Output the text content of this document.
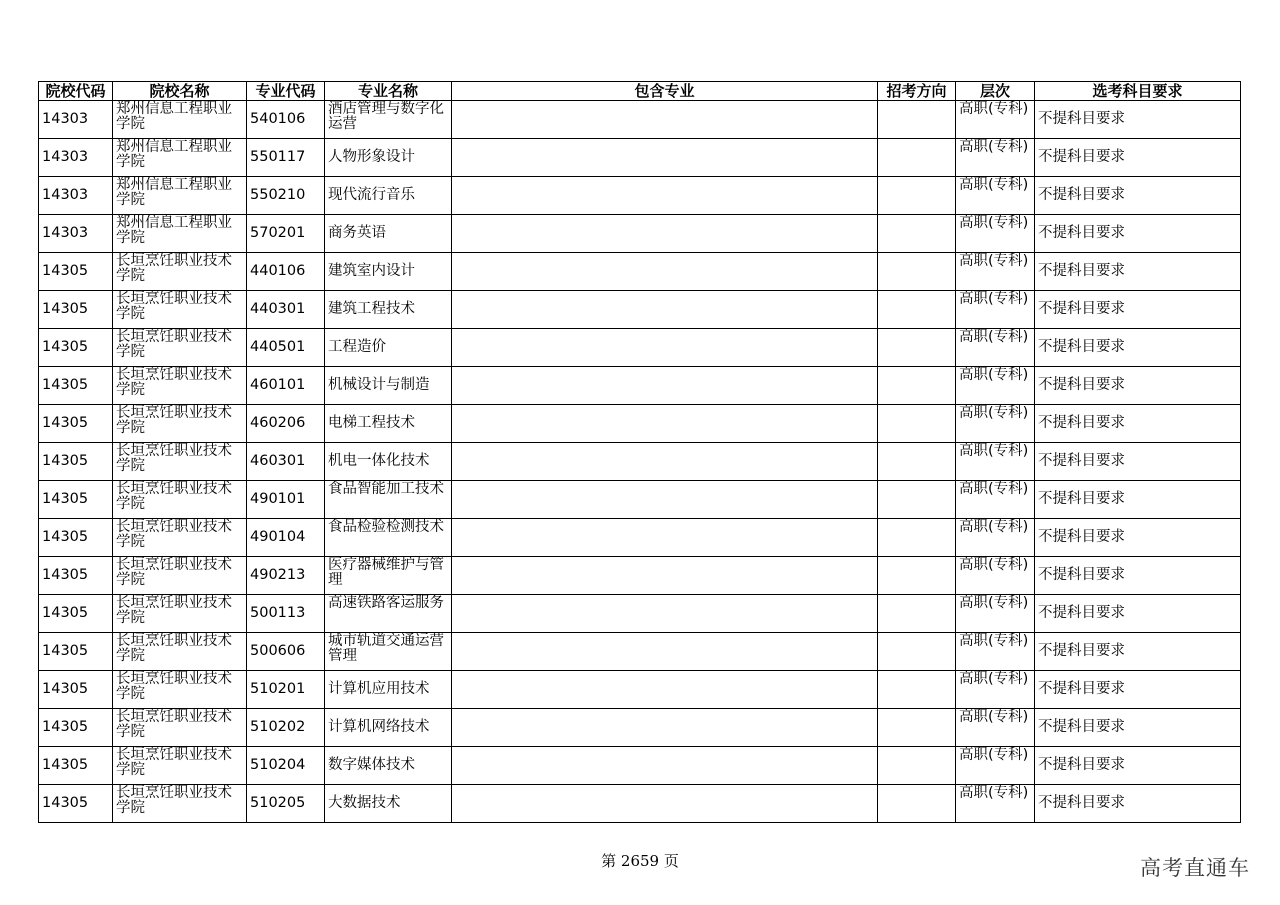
院校代码	院校名称	专业代码	专业名称	包含专业	招考方向	层次	选考科目要求
14303	郑州信息工程职业学院	540106	酒店管理与数字化运营			高职(专科)	不提科目要求
14303	郑州信息工程职业学院	550117	人物形象设计			高职(专科)	不提科目要求
14303	郑州信息工程职业学院	550210	现代流行音乐			高职(专科)	不提科目要求
14303	郑州信息工程职业学院	570201	商务英语			高职(专科)	不提科目要求
14305	长垣烹饪职业技术学院	440106	建筑室内设计			高职(专科)	不提科目要求
14305	长垣烹饪职业技术学院	440301	建筑工程技术			高职(专科)	不提科目要求
14305	长垣烹饪职业技术学院	440501	工程造价			高职(专科)	不提科目要求
14305	长垣烹饪职业技术学院	460101	机械设计与制造			高职(专科)	不提科目要求
14305	长垣烹饪职业技术学院	460206	电梯工程技术			高职(专科)	不提科目要求
14305	长垣烹饪职业技术学院	460301	机电一体化技术			高职(专科)	不提科目要求
14305	长垣烹饪职业技术学院	490101	食品智能加工技术			高职(专科)	不提科目要求
14305	长垣烹饪职业技术学院	490104	食品检验检测技术			高职(专科)	不提科目要求
14305	长垣烹饪职业技术学院	490213	医疗器械维护与管理			高职(专科)	不提科目要求
14305	长垣烹饪职业技术学院	500113	高速铁路客运服务			高职(专科)	不提科目要求
14305	长垣烹饪职业技术学院	500606	城市轨道交通运营管理			高职(专科)	不提科目要求
14305	长垣烹饪职业技术学院	510201	计算机应用技术			高职(专科)	不提科目要求
14305	长垣烹饪职业技术学院	510202	计算机网络技术			高职(专科)	不提科目要求
14305	长垣烹饪职业技术学院	510204	数字媒体技术			高职(专科)	不提科目要求
14305	长垣烹饪职业技术学院	510205	大数据技术			高职(专科)	不提科目要求
第 2659 页	高考直通车
